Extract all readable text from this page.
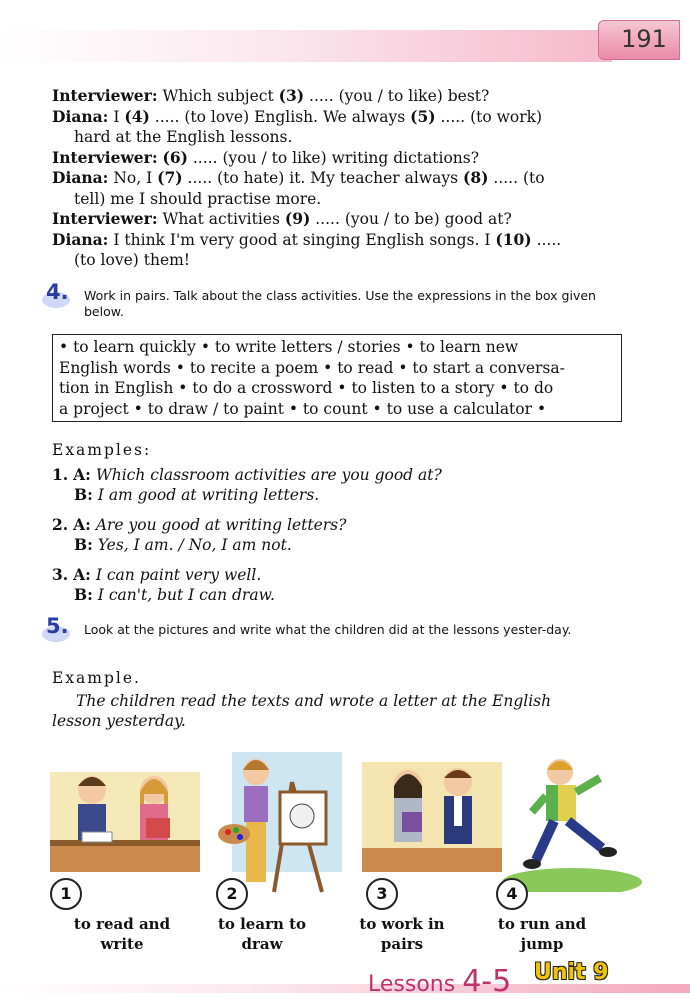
191

Interviewer: Which subject (3) ..... (you / to like) best?

Diana: I (4) ..... (to love) English. We always (5) ..... (to work)
hard at the English lessons.

Interviewer: (6) ..... (you / to like) writing dictations?

Diana: No, I (7) ..... (to hate) it. My teacher always (8) ..... (to
tell) me I should practise more.

Interviewer: What activities (9) ..... (you / to be) good at?

Diana: I think I'm very good at singing English songs. I (10) .....
(to love) them!

4.	Work in pairs. Talk about the class activities. Use the expressions in the box given below.
• to learn quickly • to write letters / stories • to learn new
English words • to recite a poem • to read • to start a conversa-
tion in English • to do a crossword • to listen to a story • to do
a project • to draw / to paint • to count • to use a calculator •
Examples:
1. A: Which classroom activities are you good at?
B: I am good at writing letters.
2. A: Are you good at writing letters?
B: Yes, I am. / No, I am not.
3. A: I can paint very well.
B: I can't, but I can draw.
5.	Look at the pictures and write what the children did at the lessons yester-day.
Example.
The children read the texts and wrote a letter at the English
lesson yesterday.
1
to read and
write
2
to learn to
draw
3
to work in
pairs
4
to run and
jump
Lessons 4-5 Unit 9
